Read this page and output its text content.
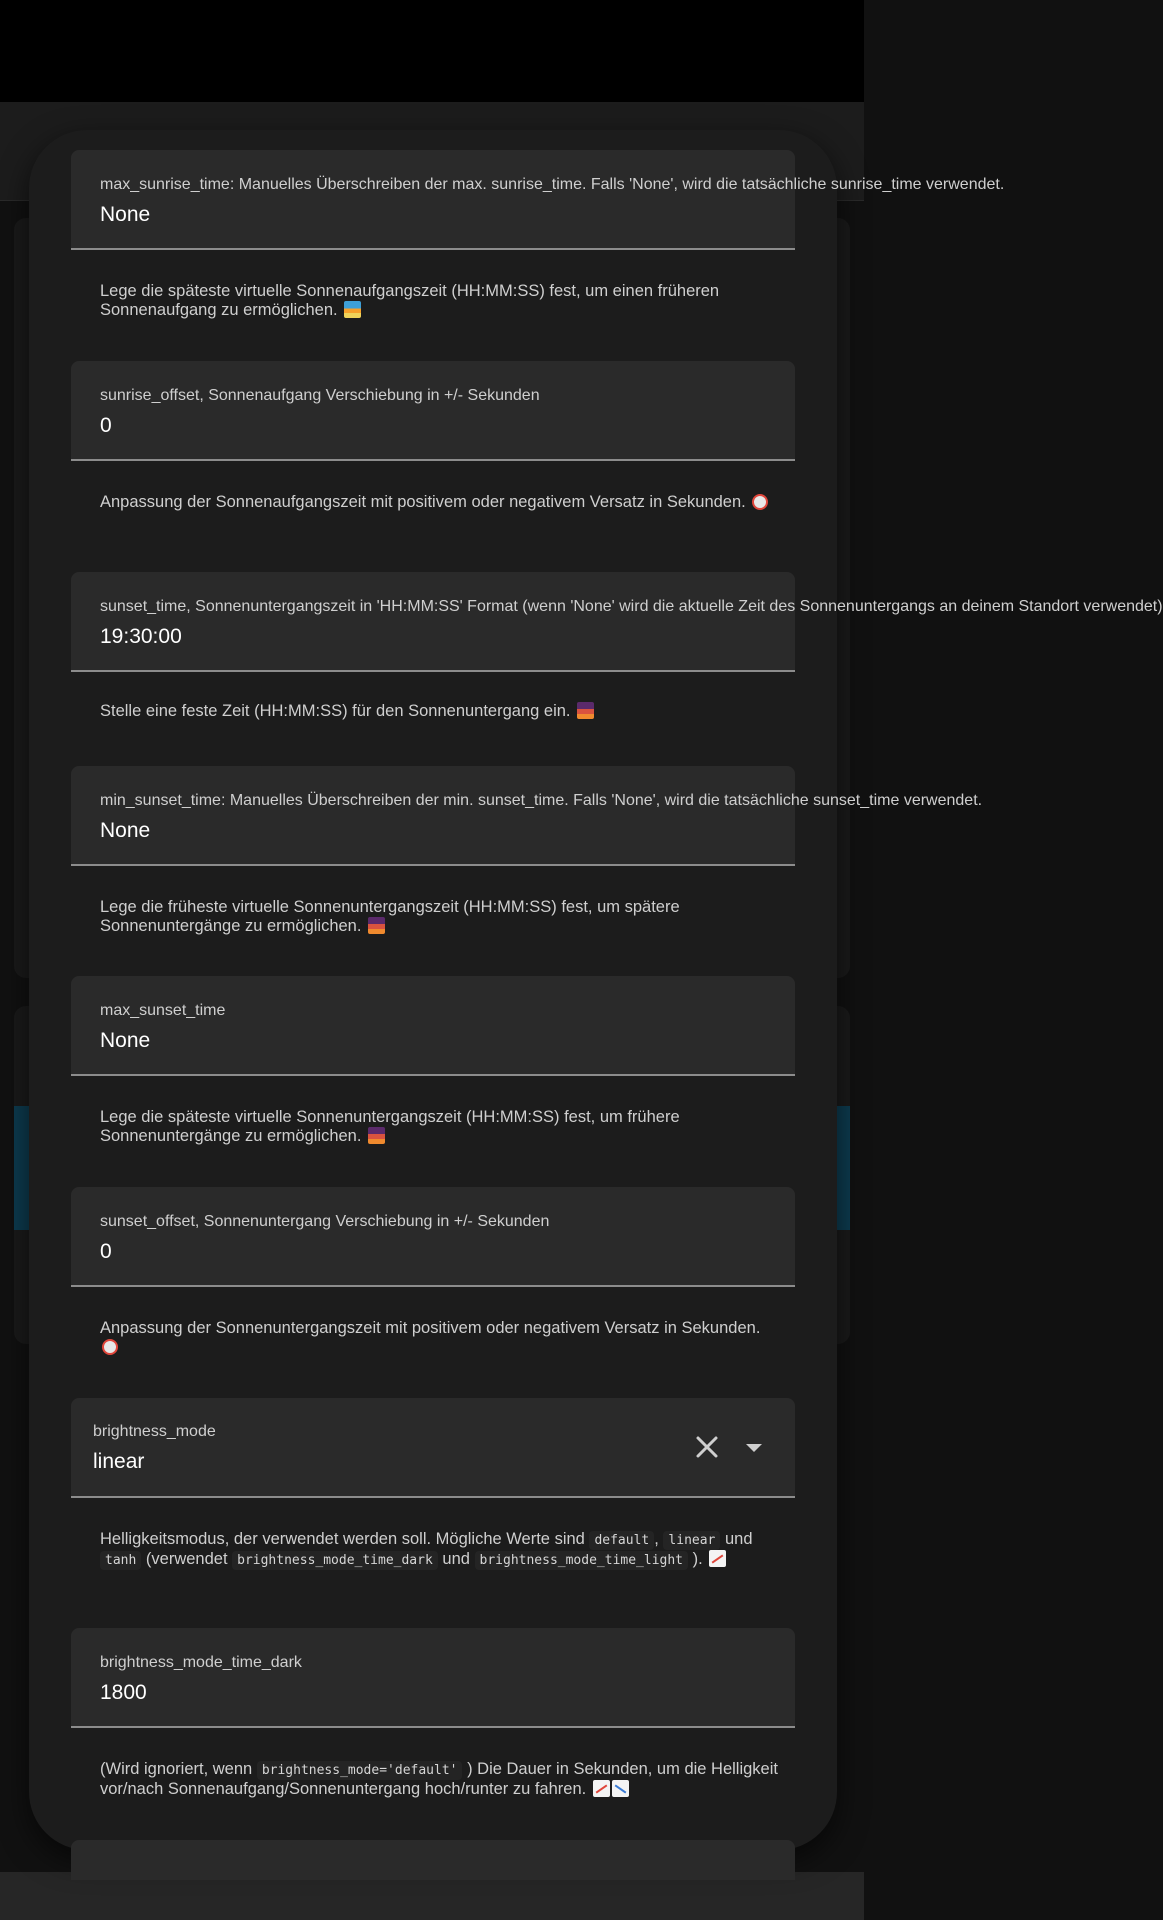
max_sunrise_time: Manuelles Überschreiben der max. sunrise_time. Falls 'None', wird die tatsächliche sunrise_time verwendet.
None
Lege die späteste virtuelle Sonnenaufgangszeit (HH:MM:SS) fest, um einen früheren Sonnenaufgang zu ermöglichen.
sunrise_offset, Sonnenaufgang Verschiebung in +/- Sekunden
0
Anpassung der Sonnenaufgangszeit mit positivem oder negativem Versatz in Sekunden.
sunset_time, Sonnenuntergangszeit in 'HH:MM:SS' Format (wenn 'None' wird die aktuelle Zeit des Sonnenuntergangs an deinem Standort verwendet)
19:30:00
Stelle eine feste Zeit (HH:MM:SS) für den Sonnenuntergang ein.
min_sunset_time: Manuelles Überschreiben der min. sunset_time. Falls 'None', wird die tatsächliche sunset_time verwendet.
None
Lege die früheste virtuelle Sonnenuntergangszeit (HH:MM:SS) fest, um spätere Sonnenuntergänge zu ermöglichen.
max_sunset_time
None
Lege die späteste virtuelle Sonnenuntergangszeit (HH:MM:SS) fest, um frühere Sonnenuntergänge zu ermöglichen.
sunset_offset, Sonnenuntergang Verschiebung in +/- Sekunden
0
Anpassung der Sonnenuntergangszeit mit positivem oder negativem Versatz in Sekunden.
brightness_mode
linear
Helligkeitsmodus, der verwendet werden soll. Mögliche Werte sind default , linear und tanh (verwendet brightness_mode_time_dark und brightness_mode_time_light ).
brightness_mode_time_dark
1800
(Wird ignoriert, wenn brightness_mode='default' ) Die Dauer in Sekunden, um die Helligkeit vor/nach Sonnenaufgang/Sonnenuntergang hoch/runter zu fahren.
